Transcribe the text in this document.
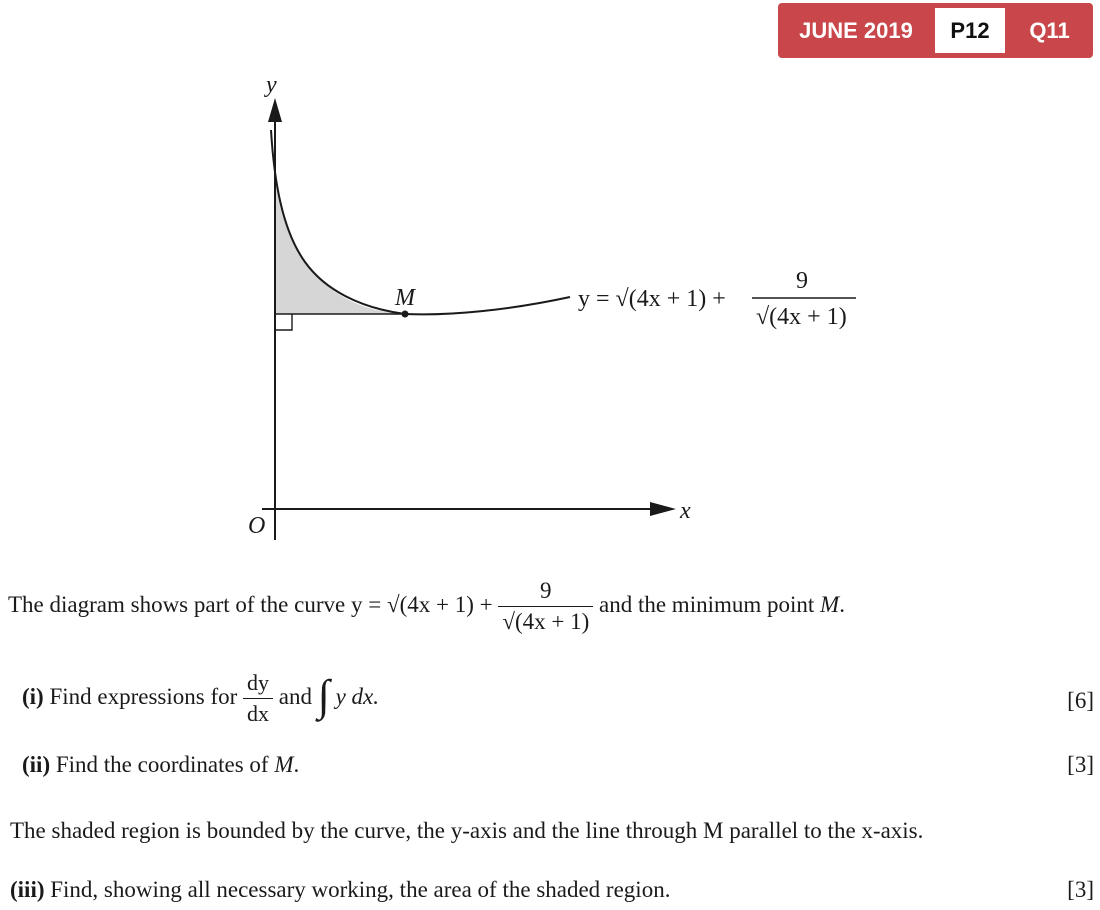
JUNE 2019	P12	Q11
y
x
O
M	y = √(4x + 1) +
9
√(4x + 1)
The diagram shows part of the curve $y = √(4x + 1) + \frac{9}{√(4x + 1)}$ and the minimum point M.
(i) Find expressions for $\frac{dy}{dx}$ and ∫ y dx.	[6]
(ii) Find the coordinates of M.	[3]
The shaded region is bounded by the curve, the y-axis and the line through M parallel to the x-axis.
(iii) Find, showing all necessary working, the area of the shaded region.	[3]
